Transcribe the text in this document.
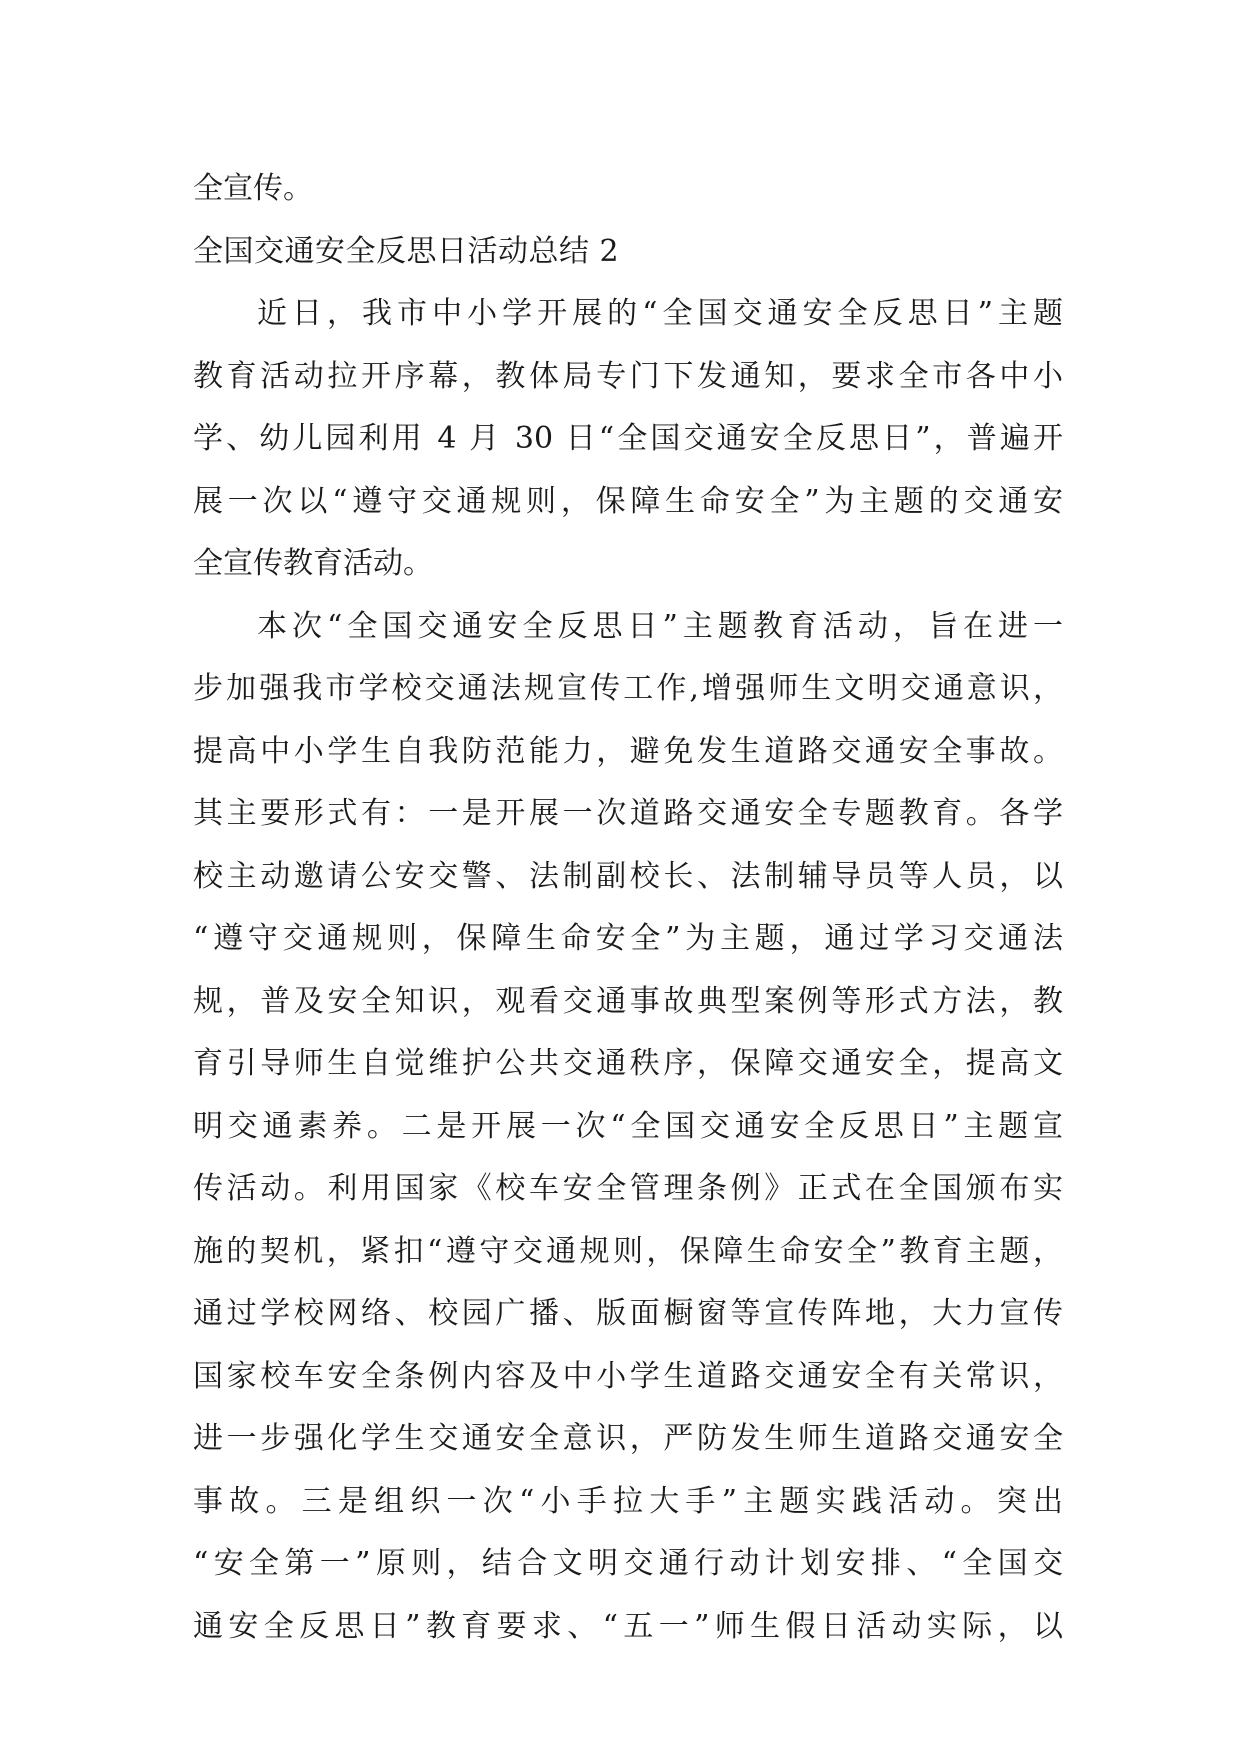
全宣传。
全国交通安全反思日活动总结 2
近日，我市中小学开展的“全国交通安全反思日”主题
教育活动拉开序幕，教体局专门下发通知，要求全市各中小
学、幼儿园利用 4 月 30 日“全国交通安全反思日”，普遍开
展一次以“遵守交通规则，保障生命安全”为主题的交通安
全宣传教育活动。
本次“全国交通安全反思日”主题教育活动，旨在进一
步加强我市学校交通法规宣传工作,增强师生文明交通意识，
提高中小学生自我防范能力，避免发生道路交通安全事故。
其主要形式有：一是开展一次道路交通安全专题教育。各学
校主动邀请公安交警、法制副校长、法制辅导员等人员，以
“遵守交通规则，保障生命安全”为主题，通过学习交通法
规，普及安全知识，观看交通事故典型案例等形式方法，教
育引导师生自觉维护公共交通秩序，保障交通安全，提高文
明交通素养。二是开展一次“全国交通安全反思日”主题宣
传活动。利用国家《校车安全管理条例》正式在全国颁布实
施的契机，紧扣“遵守交通规则，保障生命安全”教育主题，
通过学校网络、校园广播、版面橱窗等宣传阵地，大力宣传
国家校车安全条例内容及中小学生道路交通安全有关常识，
进一步强化学生交通安全意识，严防发生师生道路交通安全
事故。三是组织一次“小手拉大手”主题实践活动。突出
“安全第一”原则，结合文明交通行动计划安排、“全国交
通安全反思日”教育要求、“五一”师生假日活动实际，以
